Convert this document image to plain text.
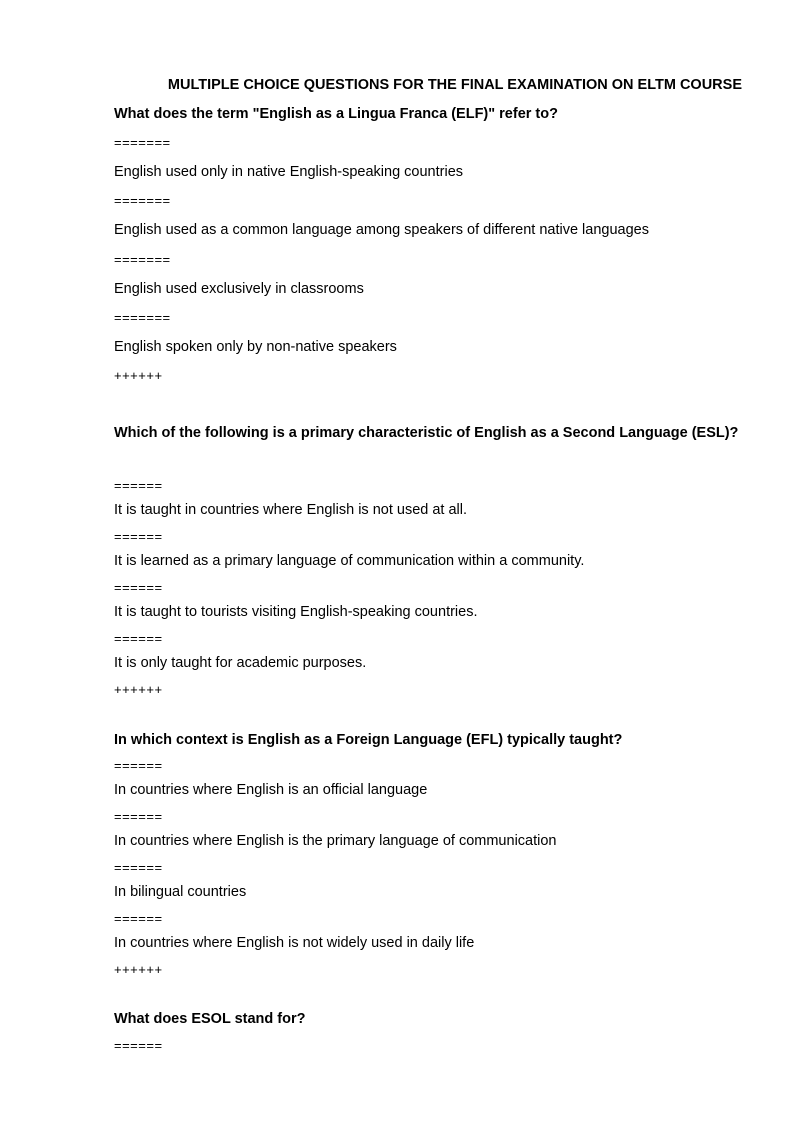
MULTIPLE CHOICE QUESTIONS FOR THE FINAL EXAMINATION ON ELTM COURSE
What does the term "English as a Lingua Franca (ELF)" refer to?
=======
English used only in native English-speaking countries
=======
English used as a common language among speakers of different native languages
=======
English used exclusively in classrooms
=======
English spoken only by non-native speakers
++++++
Which of the following is a primary characteristic of English as a Second Language (ESL)?
======
It is taught in countries where English is not used at all.
======
It is learned as a primary language of communication within a community.
======
It is taught to tourists visiting English-speaking countries.
======
It is only taught for academic purposes.
++++++
In which context is English as a Foreign Language (EFL) typically taught?
======
In countries where English is an official language
======
In countries where English is the primary language of communication
======
In bilingual countries
======
In countries where English is not widely used in daily life
++++++
What does ESOL stand for?
======
